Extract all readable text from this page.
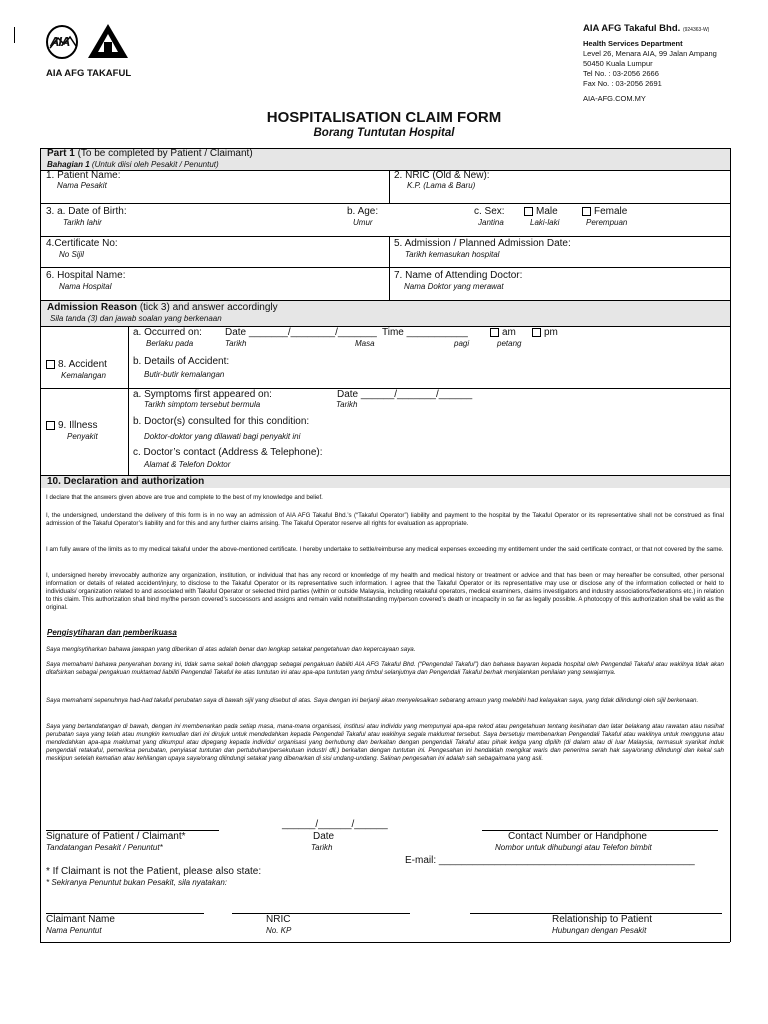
AIA
AIA AFG TAKAFUL
AIA AFG Takaful Bhd. (924363-W)
Health Services Department
Level 26, Menara AIA, 99 Jalan Ampang
50450 Kuala Lumpur
Tel No. : 03-2056 2666
Fax No. : 03-2056 2691
AIA-AFG.COM.MY
HOSPITALISATION CLAIM FORM
Borang Tuntutan Hospital
Part 1 (To be completed by Patient / Claimant)
Bahagian 1 (Untuk diisi oleh Pesakit / Penuntut)
1. Patient Name:
Nama Pesakit
2. NRIC (Old & New):
K.P. (Lama & Baru)
3. a. Date of Birth:
Tarikh lahir
b. Age:
Umur
c. Sex:
Jantina
Male
Laki-laki
Female
Perempuan
4.Certificate No:
No Sijil
5. Admission / Planned Admission Date:
Tarikh kemasukan hospital
6. Hospital Name:
Nama Hospital
7. Name of Attending Doctor:
Nama Doktor yang merawat
Admission Reason (tick 3) and answer accordingly
Sila tanda (3) dan jawab soalan yang berkenaan
8. Accident
Kemalangan
a. Occurred on:
Berlaku pada
Date _______/________/_______
Tarikh
Time ___________
Masa
am
pagi
pm
petang
b. Details of Accident:
Butir-butir kemalangan
9. Illness
Penyakit
a. Symptoms first appeared on:
Tarikh simptom tersebut bermula
Date ______/_______/______
Tarikh
b. Doctor(s) consulted for this condition:
Doktor-doktor yang dilawati bagi penyakit ini
c. Doctor’s contact (Address & Telephone):
Alamat & Telefon Doktor
10. Declaration and authorization
I declare that the answers given above are true and complete to the best of my knowledge and belief.
I, the undersigned, understand the delivery of this form is in no way an admission of AIA AFG Takaful Bhd.’s (“Takaful Operator”) liability and payment to the hospital by the Takaful Operator or its representative shall not be construed as final admission of the Takaful Operator’s liability and for this and any further claims arising. The Takaful Operator reserve all rights for evaluation as appropriate.
I am fully aware of the limits as to my medical takaful under the above-mentioned certificate. I hereby undertake to settle/reimburse any medical expenses exceeding my entitlement under the said certificate contract, or that not covered by the same.
I, undersigned hereby irrevocably authorize any organization, institution, or individual that has any record or knowledge of my health and medical history or treatment or advice and that has been or may hereafter be consulted, other personal information or details of related accident/injury, to disclose to the Takaful Operator or its representative such information. I agree that the Takaful Operator or its representative may use or disclose any of the information collected or held to individuals/ organization related to and associated with Takaful Operator or selected third parties (within or outside Malaysia, including retakaful operators, medical examiners, claims investigators and industry associations/federations etc.) in relation to this claim. This authorization shall bind my/the person covered’s successors and assigns and remain valid notwithstanding my/person covered’s death or incapacity in so far as legally possible. A photocopy of this authorization shall be valid as the original.
Pengisytiharan dan pemberikuasa
Saya mengisytiharkan bahawa jawapan yang diberikan di atas adalah benar dan lengkap setakat pengetahuan dan kepercayaan saya.
Saya memahami bahawa penyerahan borang ini, tidak sama sekali boleh dianggap sebagai pengakuan liabiliti AIA AFG Takaful Bhd. (“Pengendali Takaful”) dan bahawa bayaran kepada hospital oleh Pengendali Takaful atau wakilnya tidak akan ditafsirkan sebagai pengakuan muktamad liabiliti Pengendali Takaful ke atas tuntutan ini atau apa-apa tuntutan yang timbul selanjutnya dan Pengendali Takaful berhak menjalankan penilaian yang sewajarnya.
Saya memahami sepenuhnya had-had takaful perubatan saya di bawah sijil yang disebut di atas. Saya dengan ini berjanji akan menyelesaikan sebarang amaun yang melebihi had kelayakan saya, yang tidak dilindungi oleh sijil berkenaan.
Saya yang bertandatangan di bawah, dengan ini membenarkan pada setiap masa, mana-mana organisasi, institusi atau individu yang mempunyai apa-apa rekod atau pengetahuan tentang kesihatan dan latar belakang atau rawatan atau nasihat perubatan saya yang telah atau mungkin kemudian dari ini dirujuk untuk mendedahkan kepada Pengendali Takaful atau wakilnya segala maklumat tersebut. Saya bersetuju membenarkan Pengendali Takaful atau wakilnya untuk mengguna atau mendedahkan apa-apa maklumat yang dikumpul atau dipegang kepada individu/ organisasi yang berhubung dan berkaitan dengan pengendali Takaful atau pihak ketiga yang dipilih (di dalam atau di luar Malaysia, termasuk syarikat induk pengendali retakaful, pemeriksa perubatan, penyiasat tuntutan dan pertubuhan/persekutuan industri dll.) berkaitan dengan tuntutan ini. Pengesahan ini hendaklah mengikat waris dan penerima serah hak saya/orang dilindungi dan kekal sah meskipun setelah kematian atau kehilangan upaya saya/orang dilindungi setakat yang dibenarkan di sisi undang-undang. Salinan pengesahan ini adalah sah sebagaimana yang asli.
Signature of Patient / Claimant*
Tandatangan Pesakit / Penuntut*
______/______/______
Date
Tarikh
Contact Number or Handphone
Nombor untuk dihubungi atau Telefon bimbit
E-mail: ______________________________________________
* If Claimant is not the Patient, please also state:
* Sekiranya Penuntut bukan Pesakit, sila nyatakan:
Claimant Name
Nama Penuntut
NRIC
No. KP
Relationship to Patient
Hubungan dengan Pesakit
